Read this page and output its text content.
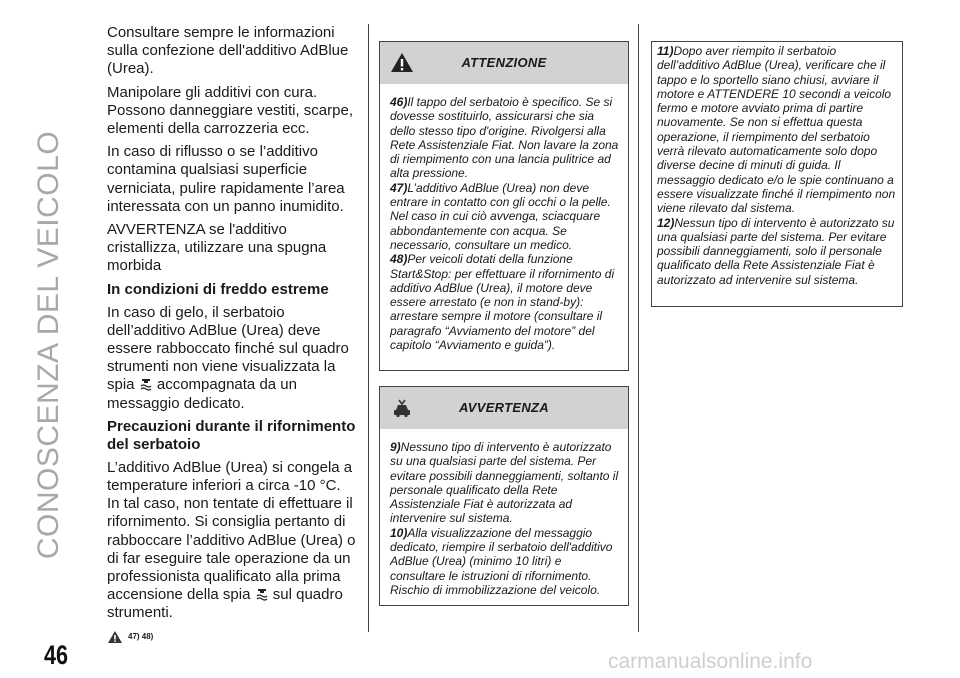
CONOSCENZA DEL VEICOLO
46	carmanualsonline.info

Consultare sempre le informazioni sulla confezione dell'additivo AdBlue (Urea).

Manipolare gli additivi con cura. Possono danneggiare vestiti, scarpe, elementi della carrozzeria ecc.

In caso di riflusso o se l’additivo contamina qualsiasi superficie verniciata, pulire rapidamente l’area interessata con un panno inumidito.

AVVERTENZA se l'additivo cristallizza, utilizzare una spugna morbida

In condizioni di freddo estreme

In caso di gelo, il serbatoio dell’additivo AdBlue (Urea) deve essere rabboccato finché sul quadro strumenti non viene visualizzata la spia accompagnata da un messaggio dedicato.

Precauzioni durante il rifornimento del serbatoio

L’additivo AdBlue (Urea) si congela a temperature inferiori a circa -10 °C. In tal caso, non tentate di effettuare il rifornimento. Si consiglia pertanto di rabboccare l’additivo AdBlue (Urea) o di far eseguire tale operazione da un professionista qualificato alla prima accensione della spia sul quadro strumenti.

47) 48)
ATTENZIONE

46)Il tappo del serbatoio è specifico. Se si dovesse sostituirlo, assicurarsi che sia dello stesso tipo d'origine. Rivolgersi alla Rete Assistenziale Fiat. Non lavare la zona di riempimento con una lancia pulitrice ad alta pressione.

47)L’additivo AdBlue (Urea) non deve entrare in contatto con gli occhi o la pelle. Nel caso in cui ciò avvenga, sciacquare abbondantemente con acqua. Se necessario, consultare un medico.

48)Per veicoli dotati della funzione Start&Stop: per effettuare il rifornimento di additivo AdBlue (Urea), il motore deve essere arrestato (e non in stand-by): arrestare sempre il motore (consultare il paragrafo “Avviamento del motore” del capitolo “Avviamento e guida”).

AVVERTENZA

9)Nessuno tipo di intervento è autorizzato su una qualsiasi parte del sistema. Per evitare possibili danneggiamenti, soltanto il personale qualificato della Rete Assistenziale Fiat è autorizzata ad intervenire sul sistema.

10)Alla visualizzazione del messaggio dedicato, riempire il serbatoio dell'additivo AdBlue (Urea) (minimo 10 litri) e consultare le istruzioni di rifornimento. Rischio di immobilizzazione del veicolo.

11)Dopo aver riempito il serbatoio dell’additivo AdBlue (Urea), verificare che il tappo e lo sportello siano chiusi, avviare il motore e ATTENDERE 10 secondi a veicolo fermo e motore avviato prima di partire nuovamente. Se non si effettua questa operazione, il riempimento del serbatoio verrà rilevato automaticamente solo dopo diverse decine di minuti di guida. Il messaggio dedicato e/o le spie continuano a essere visualizzate finché il riempimento non viene rilevato dal sistema.

12)Nessun tipo di intervento è autorizzato su una qualsiasi parte del sistema. Per evitare possibili danneggiamenti, solo il personale qualificato della Rete Assistenziale Fiat è autorizzato ad intervenire sul sistema.
